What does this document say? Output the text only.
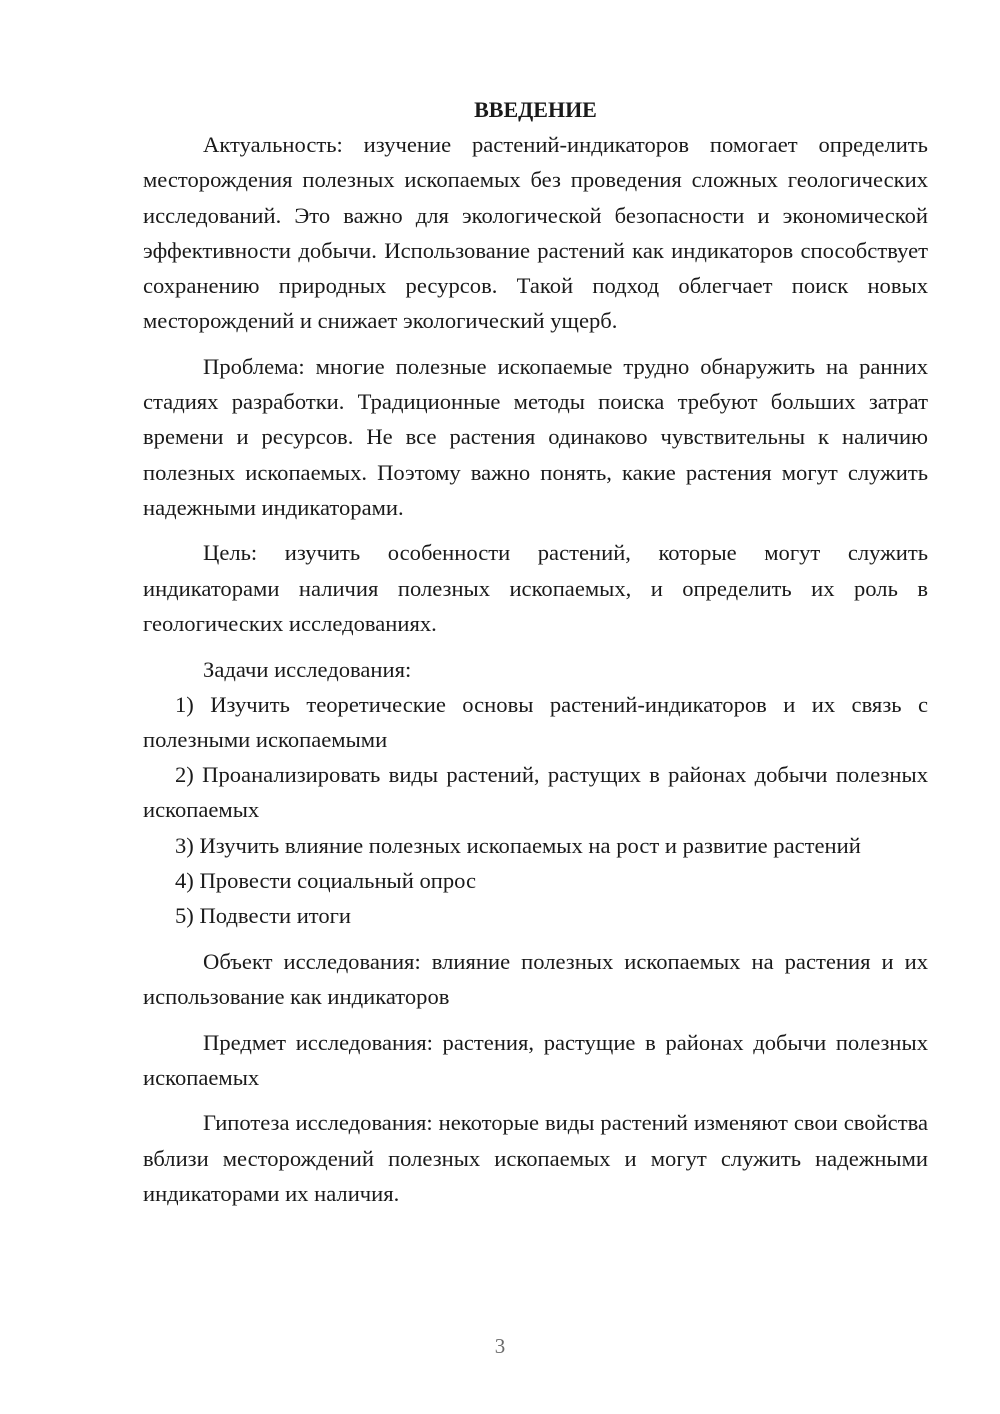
ВВЕДЕНИЕ

Актуальность: изучение растений-индикаторов помогает определить месторождения полезных ископаемых без проведения сложных геологических исследований. Это важно для экологической безопасности и экономической эффективности добычи. Использование растений как индикаторов способствует сохранению природных ресурсов. Такой подход облегчает поиск новых месторождений и снижает экологический ущерб.

Проблема: многие полезные ископаемые трудно обнаружить на ранних стадиях разработки. Традиционные методы поиска требуют больших затрат времени и ресурсов. Не все растения одинаково чувствительны к наличию полезных ископаемых. Поэтому важно понять, какие растения могут служить надежными индикаторами.

Цель: изучить особенности растений, которые могут служить индикаторами наличия полезных ископаемых, и определить их роль в геологических исследованиях.

Задачи исследования:

1) Изучить теоретические основы растений-индикаторов и их связь с полезными ископаемыми

2) Проанализировать виды растений, растущих в районах добычи полезных ископаемых

3) Изучить влияние полезных ископаемых на рост и развитие растений

4) Провести социальный опрос

5) Подвести итоги

Объект исследования: влияние полезных ископаемых на растения и их использование как индикаторов

Предмет исследования: растения, растущие в районах добычи полезных ископаемых

Гипотеза исследования: некоторые виды растений изменяют свои свойства вблизи месторождений полезных ископаемых и могут служить надежными индикаторами их наличия.

3
